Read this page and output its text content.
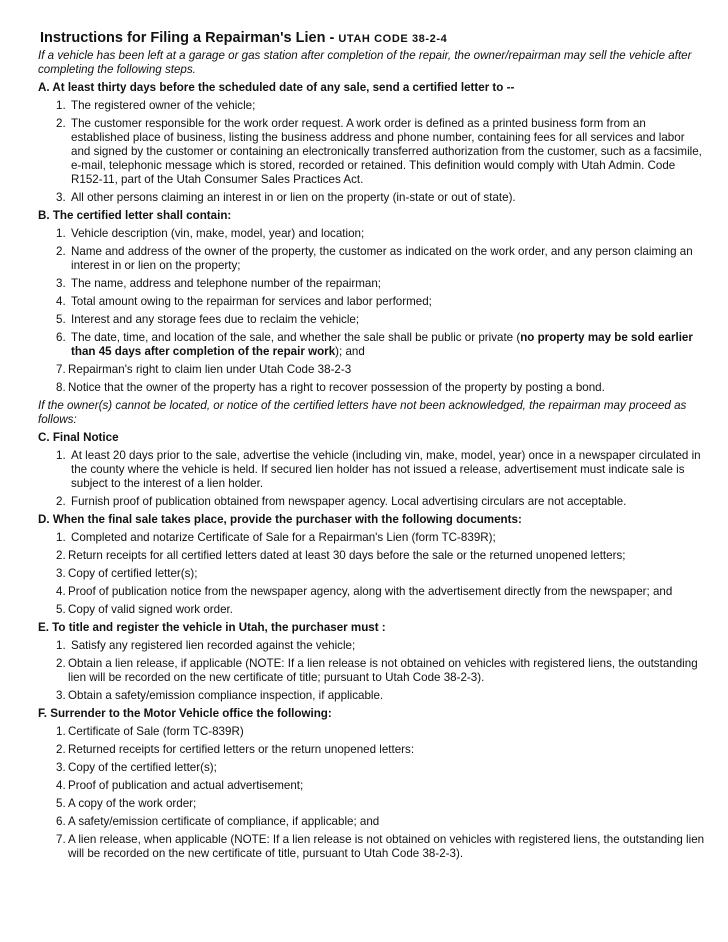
Instructions for Filing a Repairman's Lien - UTAH CODE 38-2-4
If a vehicle has been left at a garage or gas station after completion of the repair, the owner/repairman may sell the vehicle after completing the following steps.
A. At least thirty days before the scheduled date of any sale, send a certified letter to --
1. The registered owner of the vehicle;
2. The customer responsible for the work order request. A work order is defined as a printed business form from an established place of business, listing the business address and phone number, containing fees for all services and labor and signed by the customer or containing an electronically transferred authorization from the customer, such as a facsimile, e-mail, telephonic message which is stored, recorded or retained. This definition would comply with Utah Admin. Code R152-11, part of the Utah Consumer Sales Practices Act.
3. All other persons claiming an interest in or lien on the property (in-state or out of state).
B. The certified letter shall contain:
1. Vehicle description (vin, make, model, year) and location;
2. Name and address of the owner of the property, the customer as indicated on the work order, and any person claiming an interest in or lien on the property;
3. The name, address and telephone number of the repairman;
4. Total amount owing to the repairman for services and labor performed;
5. Interest and any storage fees due to reclaim the vehicle;
6. The date, time, and location of the sale, and whether the sale shall be public or private (no property may be sold earlier than 45 days after completion of the repair work); and
7. Repairman's right to claim lien under Utah Code 38-2-3
8. Notice that the owner of the property has a right to recover possession of the property by posting a bond.
If the owner(s) cannot be located, or notice of the certified letters have not been acknowledged, the repairman may proceed as follows:
C. Final Notice
1. At least 20 days prior to the sale, advertise the vehicle (including vin, make, model, year) once in a newspaper circulated in the county where the vehicle is held. If secured lien holder has not issued a release, advertisement must indicate sale is subject to the interest of a lien holder.
2. Furnish proof of publication obtained from newspaper agency. Local advertising circulars are not acceptable.
D. When the final sale takes place, provide the purchaser with the following documents:
1. Completed and notarize Certificate of Sale for a Repairman's Lien (form TC-839R);
2. Return receipts for all certified letters dated at least 30 days before the sale or the returned unopened letters;
3. Copy of certified letter(s);
4. Proof of publication notice from the newspaper agency, along with the advertisement directly from the newspaper; and
5. Copy of valid signed work order.
E. To title and register the vehicle in Utah, the purchaser must :
1. Satisfy any registered lien recorded against the vehicle;
2. Obtain a lien release, if applicable (NOTE: If a lien release is not obtained on vehicles with registered liens, the outstanding lien will be recorded on the new certificate of title; pursuant to Utah Code 38-2-3).
3. Obtain a safety/emission compliance inspection, if applicable.
F. Surrender to the Motor Vehicle office the following:
1. Certificate of Sale (form TC-839R)
2. Returned receipts for certified letters or the return unopened letters:
3. Copy of the certified letter(s);
4. Proof of publication and actual advertisement;
5. A copy of the work order;
6. A safety/emission certificate of compliance, if applicable; and
7. A lien release, when applicable (NOTE: If a lien release is not obtained on vehicles with registered liens, the outstanding lien will be recorded on the new certificate of title, pursuant to Utah Code 38-2-3).
